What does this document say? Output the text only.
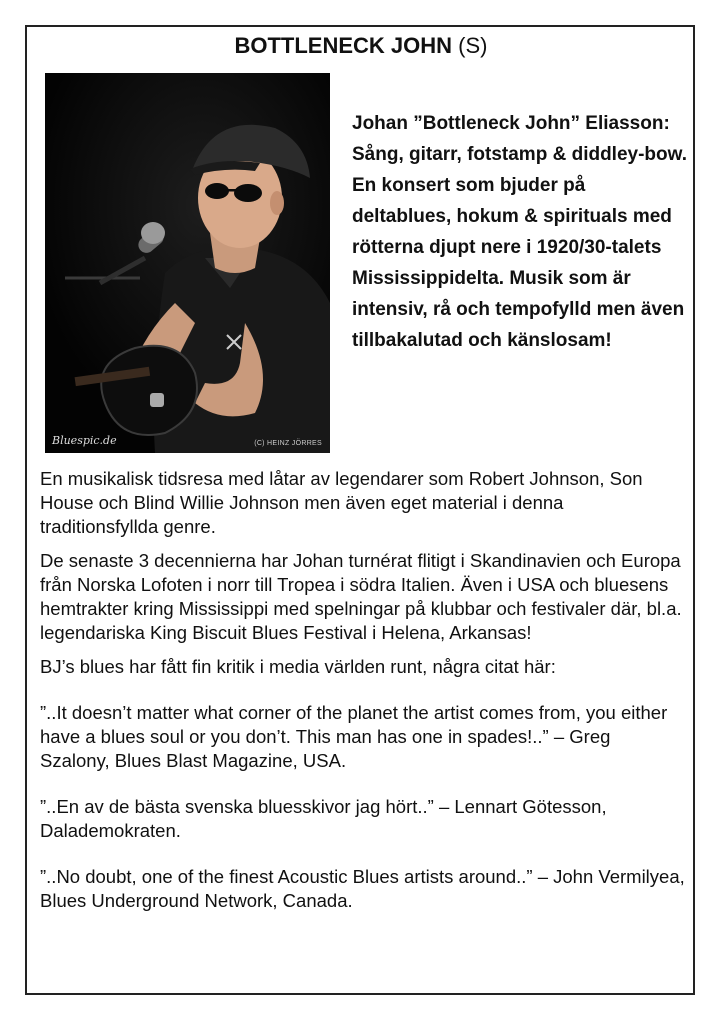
BOTTLENECK JOHN (S)
Bluespic.de	(C) HEINZ JÖRRES
Johan ”Bottleneck John” Eliasson: Sång, gitarr, fotstamp & diddley-bow. En konsert som bjuder på deltablues, hokum & spirituals med rötterna djupt nere i 1920/30-talets Mississippidelta. Musik som är intensiv, rå och tempofylld men även tillbakalutad och känslosam!

En musikalisk tidsresa med låtar av legendarer som Robert Johnson, Son House och Blind Willie Johnson men även eget material i denna traditionsfyllda genre.

De senaste 3 decennierna har Johan turnérat flitigt i Skandinavien och Europa från Norska Lofoten i norr till Tropea i södra Italien. Även i USA och bluesens hemtrakter kring Mississippi med spelningar på klubbar och festivaler där, bl.a. legendariska King Biscuit Blues Festival i Helena, Arkansas!

BJ’s blues har fått fin kritik i media världen runt, några citat här:

”..It doesn’t matter what corner of the planet the artist comes from, you either have a blues soul or you don’t. This man has one in spades!..” – Greg Szalony, Blues Blast Magazine, USA.

”..En av de bästa svenska bluesskivor jag hört..” – Lennart Götesson, Dalademokraten.

”..No doubt, one of the finest Acoustic Blues artists around..” – John Vermilyea, Blues Underground Network, Canada.
